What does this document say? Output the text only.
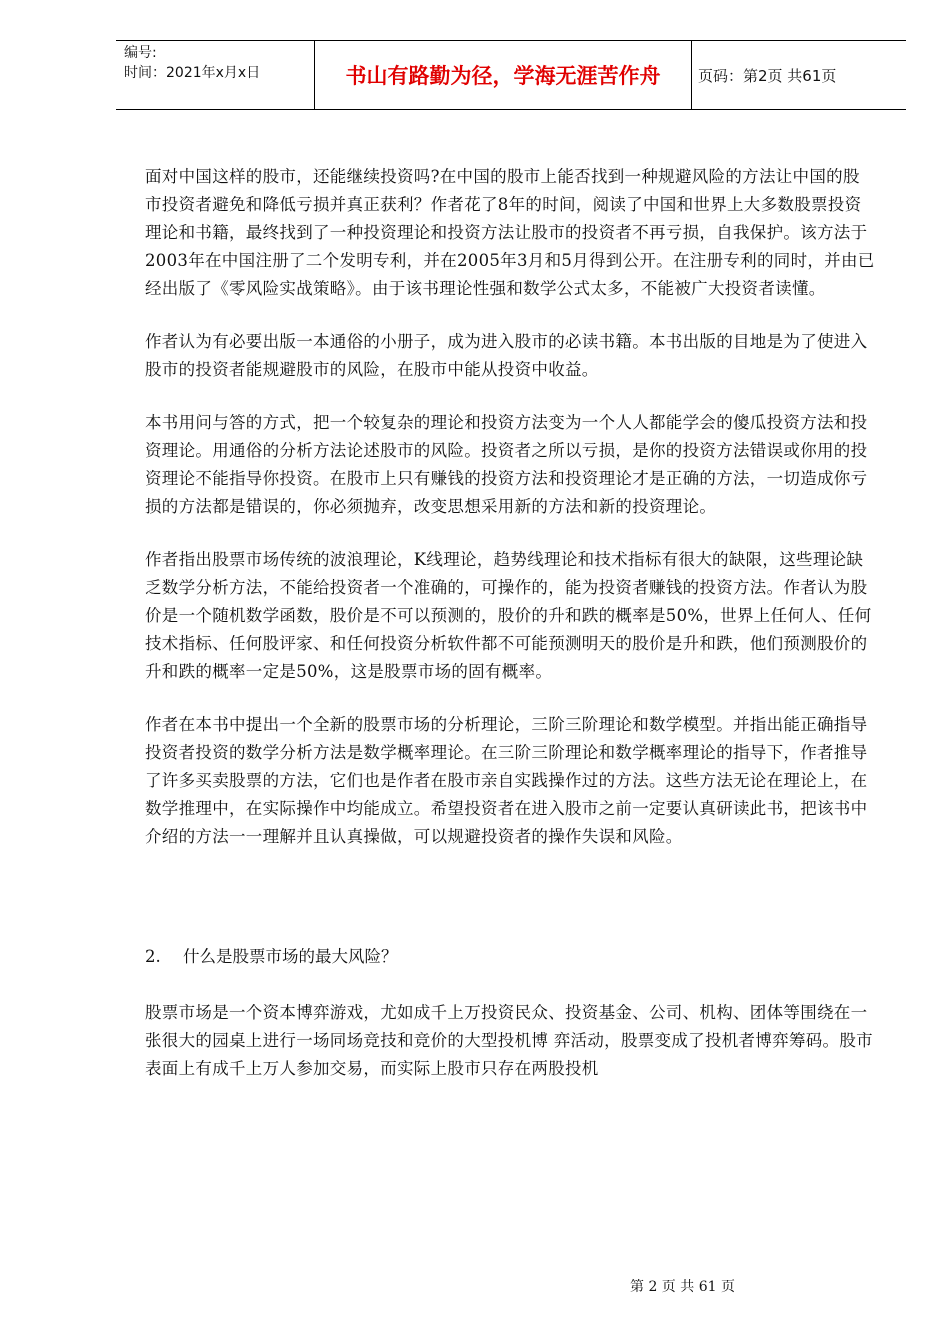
编号:
时间：2021年x月x日	书山有路勤为径，学海无涯苦作舟	页码：第2页 共61页

面对中国这样的股市，还能继续投资吗?在中国的股市上能否找到一种规避风险的方法让中国的股市投资者避免和降低亏损并真正获利？作者花了8年的时间，阅读了中国和世界上大多数股票投资理论和书籍，最终找到了一种投资理论和投资方法让股市的投资者不再亏损，自我保护。该方法于2003年在中国注册了二个发明专利，并在2005年3月和5月得到公开。在注册专利的同时，并由已经出版了《零风险实战策略》。由于该书理论性强和数学公式太多，不能被广大投资者读懂。

作者认为有必要出版一本通俗的小册子，成为进入股市的必读书籍。本书出版的目地是为了使进入股市的投资者能规避股市的风险，在股市中能从投资中收益。

本书用问与答的方式，把一个较复杂的理论和投资方法变为一个人人都能学会的傻瓜投资方法和投资理论。用通俗的分析方法论述股市的风险。投资者之所以亏损，是你的投资方法错误或你用的投资理论不能指导你投资。在股市上只有赚钱的投资方法和投资理论才是正确的方法，一切造成你亏损的方法都是错误的，你必须抛弃，改变思想采用新的方法和新的投资理论。

作者指出股票市场传统的波浪理论，K线理论，趋势线理论和技术指标有很大的缺限，这些理论缺乏数学分析方法，不能给投资者一个准确的，可操作的，能为投资者赚钱的投资方法。作者认为股价是一个随机数学函数，股价是不可以预测的，股价的升和跌的概率是50%，世界上任何人、任何技术指标、任何股评家、和任何投资分析软件都不可能预测明天的股价是升和跌，他们预测股价的升和跌的概率一定是50%，这是股票市场的固有概率。

作者在本书中提出一个全新的股票市场的分析理论，三阶三阶理论和数学模型。并指出能正确指导投资者投资的数学分析方法是数学概率理论。在三阶三阶理论和数学概率理论的指导下，作者推导了许多买卖股票的方法，它们也是作者在股市亲自实践操作过的方法。这些方法无论在理论上，在数学推理中，在实际操作中均能成立。希望投资者在进入股市之前一定要认真研读此书，把该书中介绍的方法一一理解并且认真操做，可以规避投资者的操作失误和风险。

2. 什么是股票市场的最大风险？

股票市场是一个资本博弈游戏，尤如成千上万投资民众、投资基金、公司、机构、团体等围绕在一张很大的园桌上进行一场同场竞技和竞价的大型投机博 弈活动，股票变成了投机者博弈筹码。股市表面上有成千上万人参加交易，而实际上股市只存在两股投机

第 2 页 共 61 页
